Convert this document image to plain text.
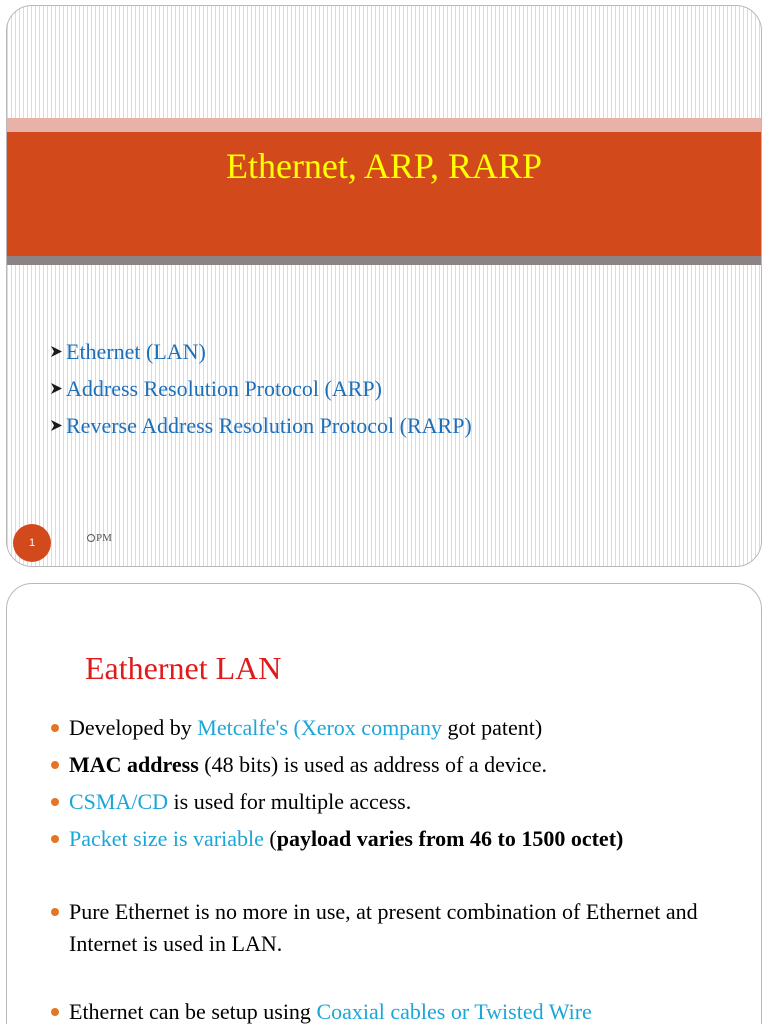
Ethernet, ARP, RARP
Ethernet (LAN)
Address Resolution Protocol (ARP)
Reverse Address Resolution Protocol (RARP)
1	PM
Eathernet LAN
Developed by Metcalfe's (Xerox company got patent)
MAC address (48 bits) is used as address of a device.
CSMA/CD is used for multiple access.
Packet size is variable (payload varies from 46 to 1500 octet)
Pure Ethernet is no more in use, at present combination of Ethernet and Internet is used in LAN.
Ethernet can be setup using Coaxial cables or Twisted Wire
